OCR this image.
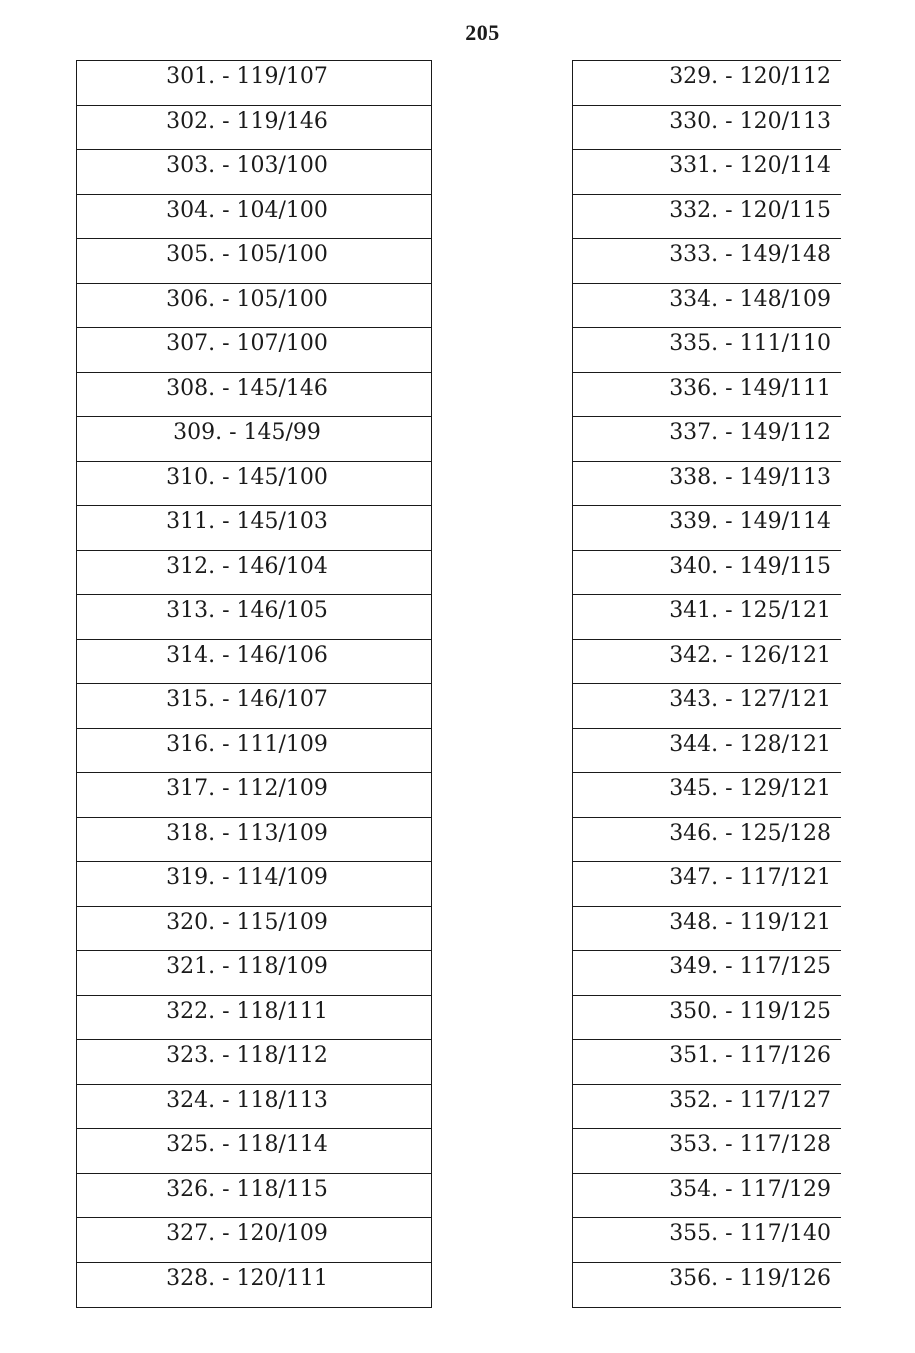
205
301. - 119/107
302. - 119/146
303. - 103/100
304. - 104/100
305. - 105/100
306. - 105/100
307. - 107/100
308. - 145/146
309. - 145/99
310. - 145/100
311. - 145/103
312. - 146/104
313. - 146/105
314. - 146/106
315. - 146/107
316. - 111/109
317. - 112/109
318. - 113/109
319. - 114/109
320. - 115/109
321. - 118/109
322. - 118/111
323. - 118/112
324. - 118/113
325. - 118/114
326. - 118/115
327. - 120/109
328. - 120/111
329. - 120/112
330. - 120/113
331. - 120/114
332. - 120/115
333. - 149/148
334. - 148/109
335. - 111/110
336. - 149/111
337. - 149/112
338. - 149/113
339. - 149/114
340. - 149/115
341. - 125/121
342. - 126/121
343. - 127/121
344. - 128/121
345. - 129/121
346. - 125/128
347. - 117/121
348. - 119/121
349. - 117/125
350. - 119/125
351. - 117/126
352. - 117/127
353. - 117/128
354. - 117/129
355. - 117/140
356. - 119/126
